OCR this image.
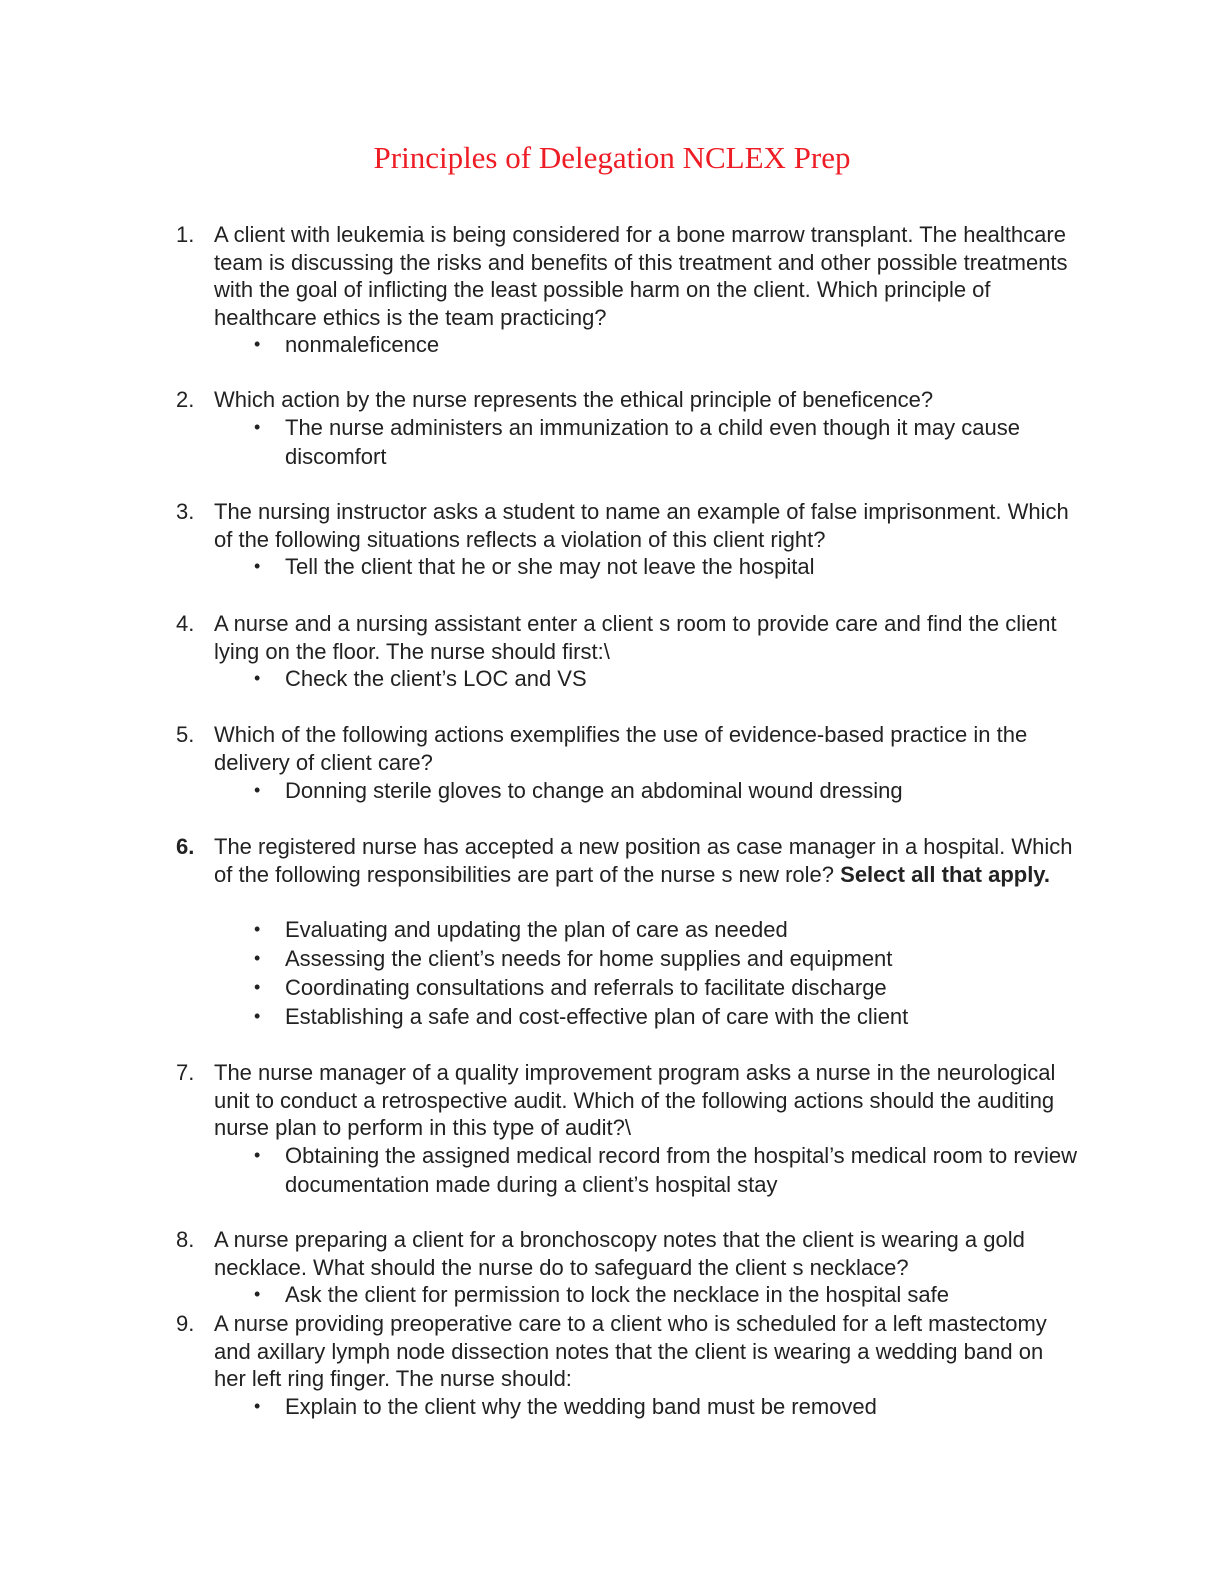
Principles of Delegation NCLEX Prep
1. A client with leukemia is being considered for a bone marrow transplant. The healthcare team is discussing the risks and benefits of this treatment and other possible treatments with the goal of inflicting the least possible harm on the client. Which principle of healthcare ethics is the team practicing?

• nonmaleficence
2. Which action by the nurse represents the ethical principle of beneficence?

• The nurse administers an immunization to a child even though it may cause discomfort
3. The nursing instructor asks a student to name an example of false imprisonment. Which of the following situations reflects a violation of this client right?

• Tell the client that he or she may not leave the hospital
4. A nurse and a nursing assistant enter a client s room to provide care and find the client lying on the floor. The nurse should first:\

• Check the client’s LOC and VS
5. Which of the following actions exemplifies the use of evidence-based practice in the delivery of client care?

• Donning sterile gloves to change an abdominal wound dressing
6. The registered nurse has accepted a new position as case manager in a hospital. Which of the following responsibilities are part of the nurse s new role? Select all that apply.

• Evaluating and updating the plan of care as needed
• Assessing the client’s needs for home supplies and equipment
• Coordinating consultations and referrals to facilitate discharge
• Establishing a safe and cost-effective plan of care with the client
7. The nurse manager of a quality improvement program asks a nurse in the neurological unit to conduct a retrospective audit. Which of the following actions should the auditing nurse plan to perform in this type of audit?\

• Obtaining the assigned medical record from the hospital’s medical room to review documentation made during a client’s hospital stay
8. A nurse preparing a client for a bronchoscopy notes that the client is wearing a gold necklace. What should the nurse do to safeguard the client s necklace?

• Ask the client for permission to lock the necklace in the hospital safe
9. A nurse providing preoperative care to a client who is scheduled for a left mastectomy and axillary lymph node dissection notes that the client is wearing a wedding band on her left ring finger. The nurse should:

• Explain to the client why the wedding band must be removed
